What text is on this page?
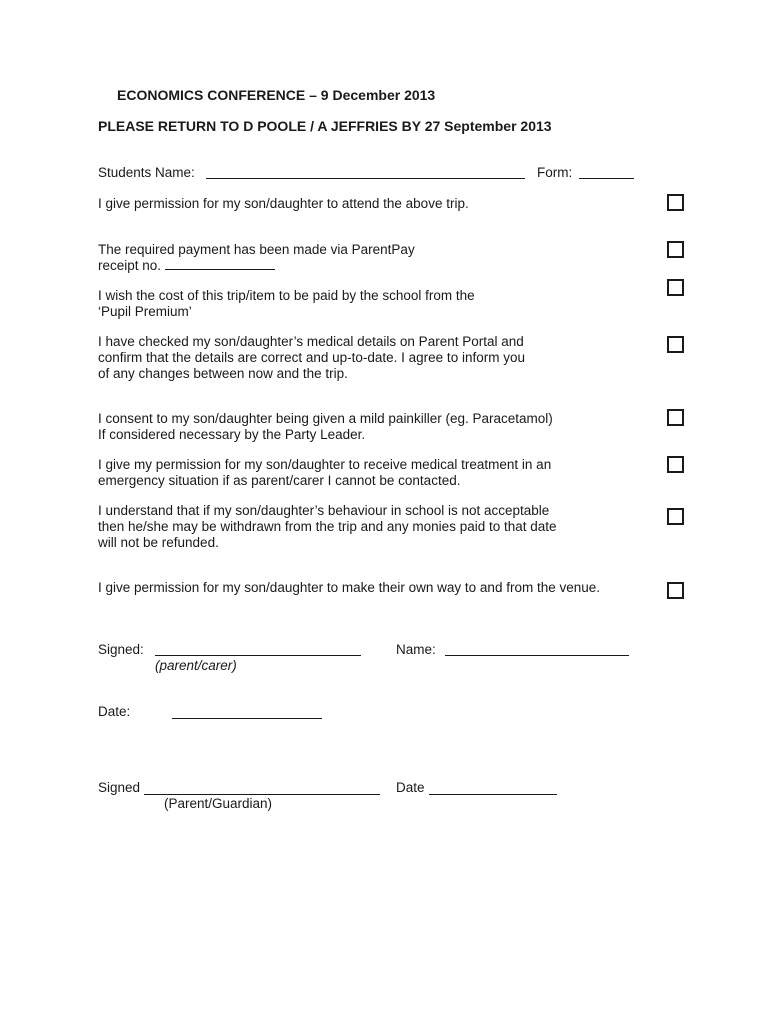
ECONOMICS CONFERENCE – 9 December 2013
PLEASE RETURN TO D POOLE / A JEFFRIES BY 27 September 2013
Students Name:	Form:
I give permission for my son/daughter to attend the above trip.
The required payment has been made via ParentPay
receipt no.
I wish the cost of this trip/item to be paid by the school from the
‘Pupil Premium’
I have checked my son/daughter’s medical details on Parent Portal and
confirm that the details are correct and up-to-date. I agree to inform you
of any changes between now and the trip.
I consent to my son/daughter being given a mild painkiller (eg. Paracetamol)
If considered necessary by the Party Leader.
I give my permission for my son/daughter to receive medical treatment in an
emergency situation if as parent/carer I cannot be contacted.
I understand that if my son/daughter’s behaviour in school is not acceptable
then he/she may be withdrawn from the trip and any monies paid to that date
will not be refunded.
I give permission for my son/daughter to make their own way to and from the venue.
Signed:
(parent/carer)
Name:
Date:
Signed
(Parent/Guardian)
Date
